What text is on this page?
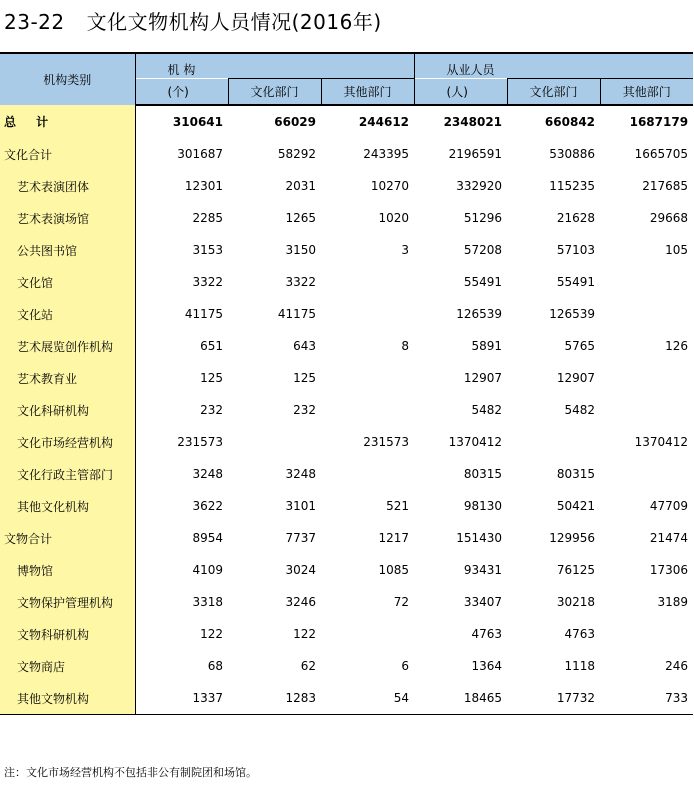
23-22 文化文物机构人员情况(2016年)
机构类别	机 构			从业人员		
	(个)	文化部门	其他部门	(人)	文化部门	其他部门
总 计	310641	66029	244612	2348021	660842	1687179
文化合计	301687	58292	243395	2196591	530886	1665705
艺术表演团体	12301	2031	10270	332920	115235	217685
艺术表演场馆	2285	1265	1020	51296	21628	29668
公共图书馆	3153	3150	3	57208	57103	105
文化馆	3322	3322		55491	55491	
文化站	41175	41175		126539	126539	
艺术展览创作机构	651	643	8	5891	5765	126
艺术教育业	125	125		12907	12907	
文化科研机构	232	232		5482	5482	
文化市场经营机构	231573		231573	1370412		1370412
文化行政主管部门	3248	3248		80315	80315	
其他文化机构	3622	3101	521	98130	50421	47709
文物合计	8954	7737	1217	151430	129956	21474
博物馆	4109	3024	1085	93431	76125	17306
文物保护管理机构	3318	3246	72	33407	30218	3189
文物科研机构	122	122		4763	4763	
文物商店	68	62	6	1364	1118	246
其他文物机构	1337	1283	54	18465	17732	733
注：文化市场经营机构不包括非公有制院团和场馆。
